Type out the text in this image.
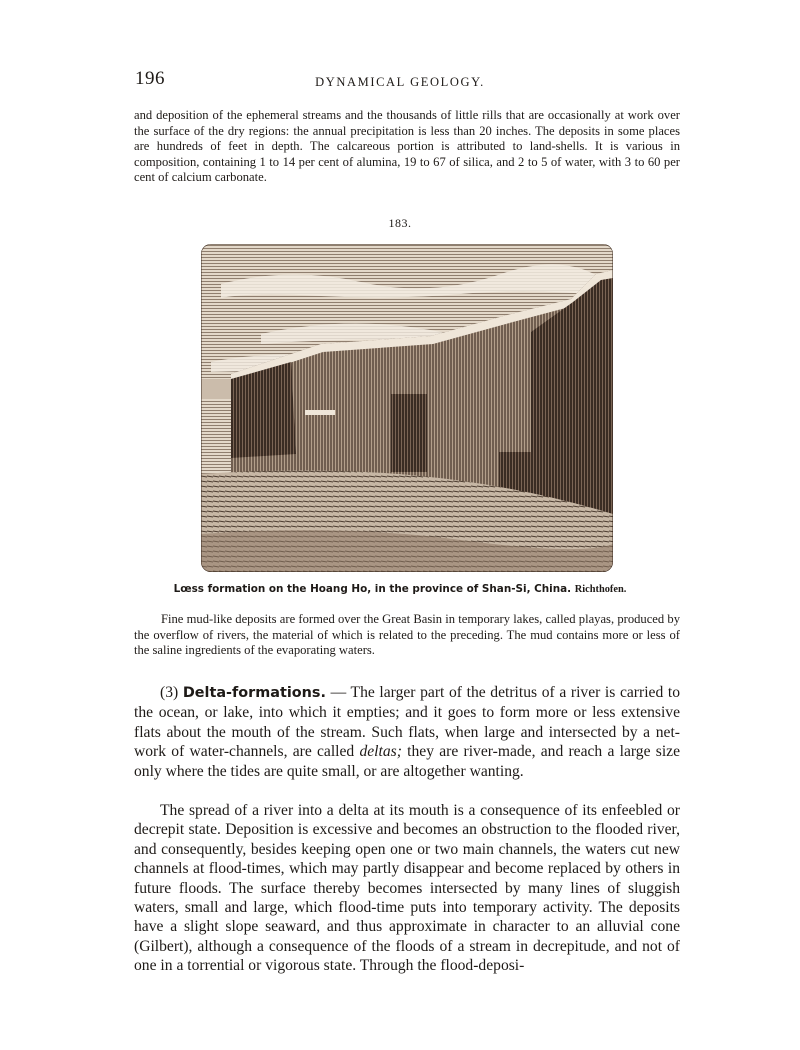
196	DYNAMICAL GEOLOGY.

and deposition of the ephemeral streams and the thousands of little rills that are occasionally at work over the surface of the dry regions: the annual precipitation is less than 20 inches. The deposits in some places are hundreds of feet in depth. The calcareous portion is attributed to land-shells. It is various in composition, containing 1 to 14 per cent of alumina, 19 to 67 of silica, and 2 to 5 of water, with 3 to 60 per cent of calcium carbonate.

183.
Lœss formation on the Hoang Ho, in the province of Shan-Si, China. Richthofen.

Fine mud-like deposits are formed over the Great Basin in temporary lakes, called playas, produced by the overflow of rivers, the material of which is related to the preceding. The mud contains more or less of the saline ingredients of the evaporating waters.

(3) Delta-formations. — The larger part of the detritus of a river is carried to the ocean, or lake, into which it empties; and it goes to form more or less extensive flats about the mouth of the stream. Such flats, when large and intersected by a net-work of water-channels, are called deltas; they are river-made, and reach a large size only where the tides are quite small, or are altogether wanting.

The spread of a river into a delta at its mouth is a consequence of its enfeebled or decrepit state. Deposition is excessive and becomes an obstruction to the flooded river, and consequently, besides keeping open one or two main channels, the waters cut new channels at flood-times, which may partly disappear and become replaced by others in future floods. The surface thereby becomes intersected by many lines of sluggish waters, small and large, which flood-time puts into temporary activity. The deposits have a slight slope seaward, and thus approximate in character to an alluvial cone (Gilbert), although a consequence of the floods of a stream in decrepitude, and not of one in a torrential or vigorous state. Through the flood-deposi-
